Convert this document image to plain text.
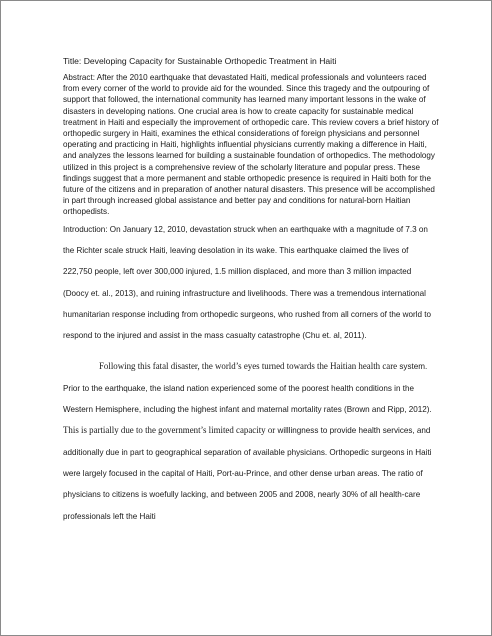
Title: Developing Capacity for Sustainable Orthopedic Treatment in Haiti

Abstract: After the 2010 earthquake that devastated Haiti, medical professionals and volunteers raced from every corner of the world to provide aid for the wounded. Since this tragedy and the outpouring of support that followed, the international community has learned many important lessons in the wake of disasters in developing nations. One crucial area is how to create capacity for sustainable medical treatment in Haiti and especially the improvement of orthopedic care. This review covers a brief history of orthopedic surgery in Haiti, examines the ethical considerations of foreign physicians and personnel operating and practicing in Haiti, highlights influential physicians currently making a difference in Haiti, and analyzes the lessons learned for building a sustainable foundation of orthopedics. The methodology utilized in this project is a comprehensive review of the scholarly literature and popular press. These findings suggest that a more permanent and stable orthopedic presence is required in Haiti both for the future of the citizens and in preparation of another natural disasters. This presence will be accomplished in part through increased global assistance and better pay and conditions for natural-born Haitian orthopedists.

Introduction: On January 12, 2010, devastation struck when an earthquake with a magnitude of 7.3 on the Richter scale struck Haiti, leaving desolation in its wake. This earthquake claimed the lives of 222,750 people, left over 300,000 injured, 1.5 million displaced, and more than 3 million impacted (Doocy et. al., 2013), and ruining infrastructure and livelihoods. There was a tremendous international humanitarian response including from orthopedic surgeons, who rushed from all corners of the world to respond to the injured and assist in the mass casualty catastrophe (Chu et. al, 2011).

Following this fatal disaster, the world’s eyes turned towards the Haitian health care system. Prior to the earthquake, the island nation experienced some of the poorest health conditions in the Western Hemisphere, including the highest infant and maternal mortality rates (Brown and Ripp, 2012). This is partially due to the government’s limited capacity or willlingness to provide health services, and additionally due in part to geographical separation of available physicians. Orthopedic surgeons in Haiti were largely focused in the capital of Haiti, Port-au-Prince, and other dense urban areas. The ratio of physicians to citizens is woefully lacking, and between 2005 and 2008, nearly 30% of all health-care professionals left the Haiti
